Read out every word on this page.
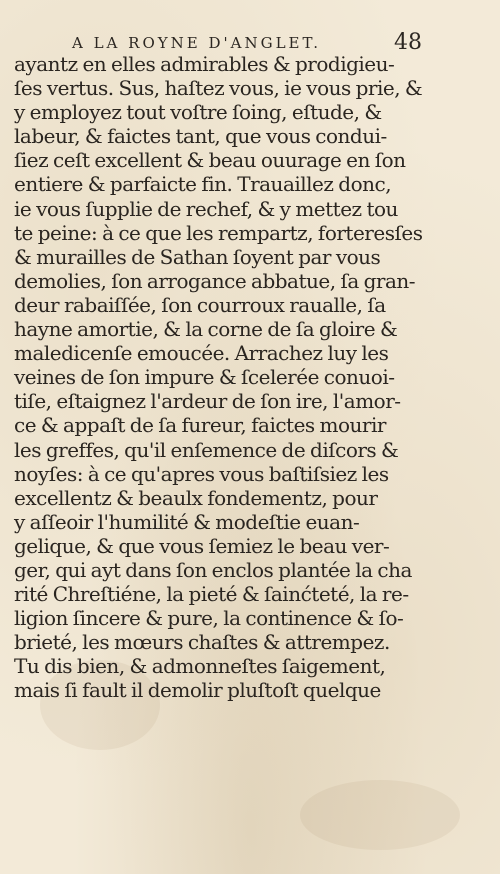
A LA ROYNE D'ANGLET.	48
ayantz en elles admirables & prodigieu-
ſes vertus. Sus, haſtez vous, ie vous prie, &
y employez tout voſtre ſoing, eſtude, &
labeur, & faictes tant, que vous condui-
ſiez ceſt excellent & beau ouurage en ſon
entiere & parfaicte fin. Trauaillez donc,
ie vous ſupplie de rechef, & y mettez tou
te peine: à ce que les rempartz, forteresſes
& murailles de Sathan ſoyent par vous
demolies, ſon arrogance abbatue, ſa gran-
deur rabaiſſée, ſon courroux raualle, ſa
hayne amortie, & la corne de ſa gloire &
maledicenſe emoucée. Arrachez luy les
veines de ſon impure & ſcelerée conuoi-
tiſe, eſtaignez l'ardeur de ſon ire, l'amor-
ce & appaſt de ſa fureur, faictes mourir
les greffes, qu'il enſemence de diſcors &
noyſes: à ce qu'apres vous baſtiſsiez les
excellentz & beaulx fondementz, pour
y aſſeoir l'humilité & modeſtie euan-
gelique, & que vous ſemiez le beau ver-
ger, qui ayt dans ſon enclos plantée la cha
rité Chreſtiéne, la pieté & ſainćteté, la re-
ligion ſincere & pure, la continence & ſo-
brieté, les mœurs chaſtes & attrempez.
Tu dis bien, & admonneſtes ſaigement,
mais ſi fault il demolir pluſtoſt quelque
